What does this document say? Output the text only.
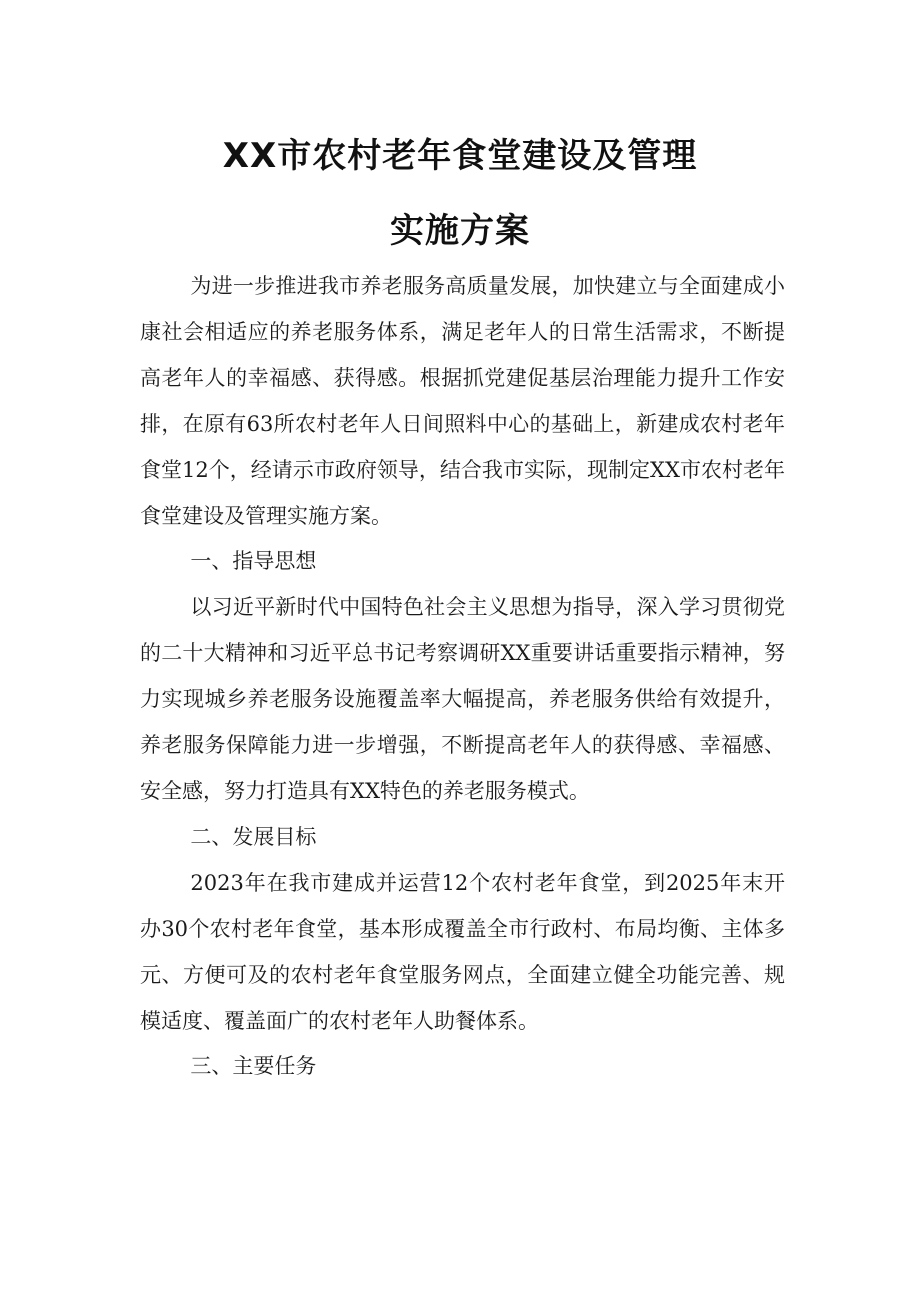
XX市农村老年食堂建设及管理
实施方案

为进一步推进我市养老服务高质量发展，加快建立与全面建成小康社会相适应的养老服务体系，满足老年人的日常生活需求，不断提高老年人的幸福感、获得感。根据抓党建促基层治理能力提升工作安排，在原有63所农村老年人日间照料中心的基础上，新建成农村老年食堂12个，经请示市政府领导，结合我市实际，现制定XX市农村老年食堂建设及管理实施方案。

一、指导思想

以习近平新时代中国特色社会主义思想为指导，深入学习贯彻党的二十大精神和习近平总书记考察调研XX重要讲话重要指示精神，努力实现城乡养老服务设施覆盖率大幅提高，养老服务供给有效提升，养老服务保障能力进一步增强，不断提高老年人的获得感、幸福感、安全感，努力打造具有XX特色的养老服务模式。

二、发展目标

2023年在我市建成并运营12个农村老年食堂，到2025年末开办30个农村老年食堂，基本形成覆盖全市行政村、布局均衡、主体多元、方便可及的农村老年食堂服务网点，全面建立健全功能完善、规模适度、覆盖面广的农村老年人助餐体系。

三、主要任务
